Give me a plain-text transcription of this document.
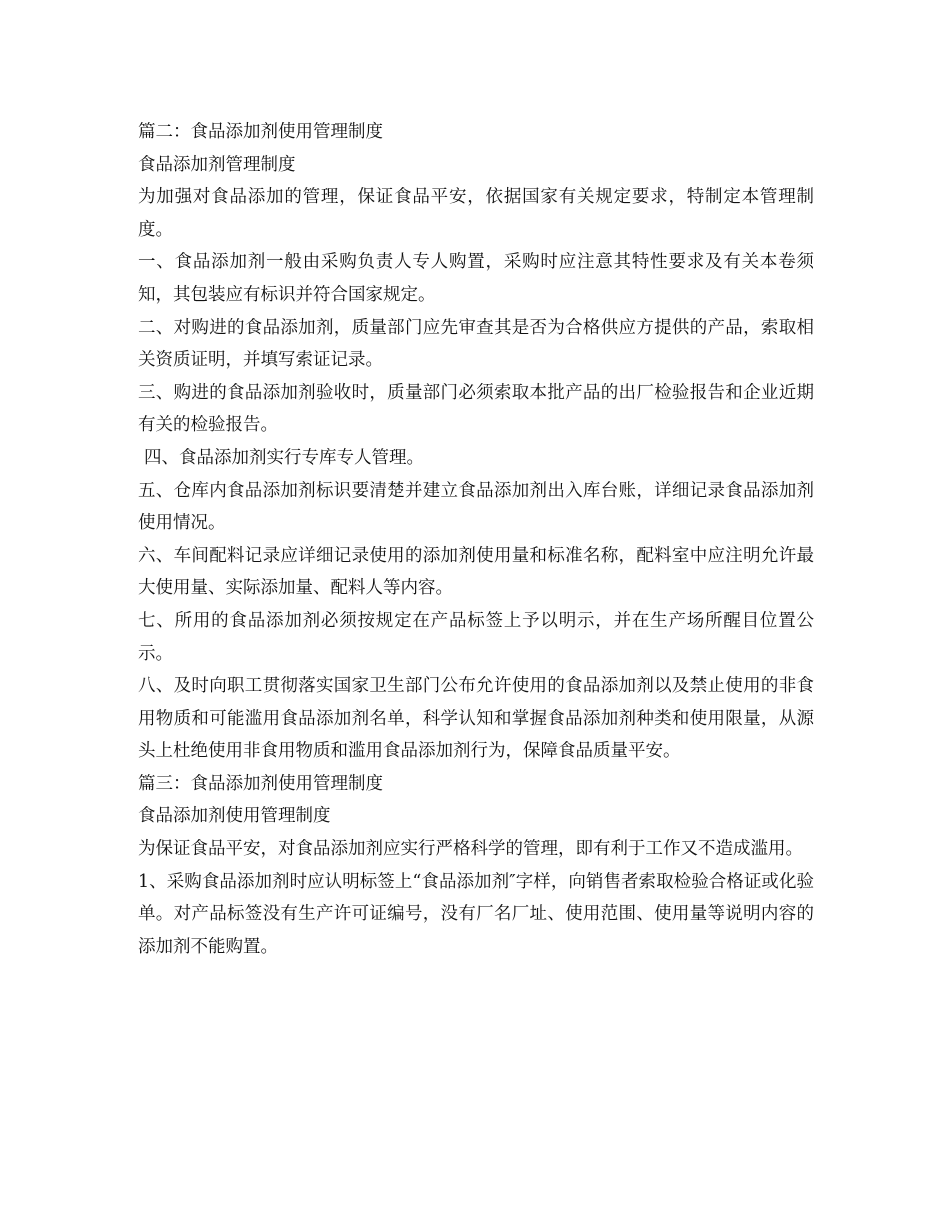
篇二：食品添加剂使用管理制度

食品添加剂管理制度

为加强对食品添加的管理，保证食品平安，依据国家有关规定要求，特制定本管理制度。

一、食品添加剂一般由采购负责人专人购置，采购时应注意其特性要求及有关本卷须知，其包装应有标识并符合国家规定。

二、对购进的食品添加剂，质量部门应先审查其是否为合格供应方提供的产品，索取相关资质证明，并填写索证记录。

三、购进的食品添加剂验收时，质量部门必须索取本批产品的出厂检验报告和企业近期有关的检验报告。

四、食品添加剂实行专库专人管理。

五、仓库内食品添加剂标识要清楚并建立食品添加剂出入库台账，详细记录食品添加剂使用情况。

六、车间配料记录应详细记录使用的添加剂使用量和标准名称，配料室中应注明允许最大使用量、实际添加量、配料人等内容。

七、所用的食品添加剂必须按规定在产品标签上予以明示，并在生产场所醒目位置公示。

八、及时向职工贯彻落实国家卫生部门公布允许使用的食品添加剂以及禁止使用的非食用物质和可能滥用食品添加剂名单，科学认知和掌握食品添加剂种类和使用限量，从源头上杜绝使用非食用物质和滥用食品添加剂行为，保障食品质量平安。

篇三：食品添加剂使用管理制度

食品添加剂使用管理制度

为保证食品平安，对食品添加剂应实行严格科学的管理，即有利于工作又不造成滥用。

1、采购食品添加剂时应认明标签上“食品添加剂″字样，向销售者索取检验合格证或化验单。对产品标签没有生产许可证编号，没有厂名厂址、使用范围、使用量等说明内容的添加剂不能购置。
